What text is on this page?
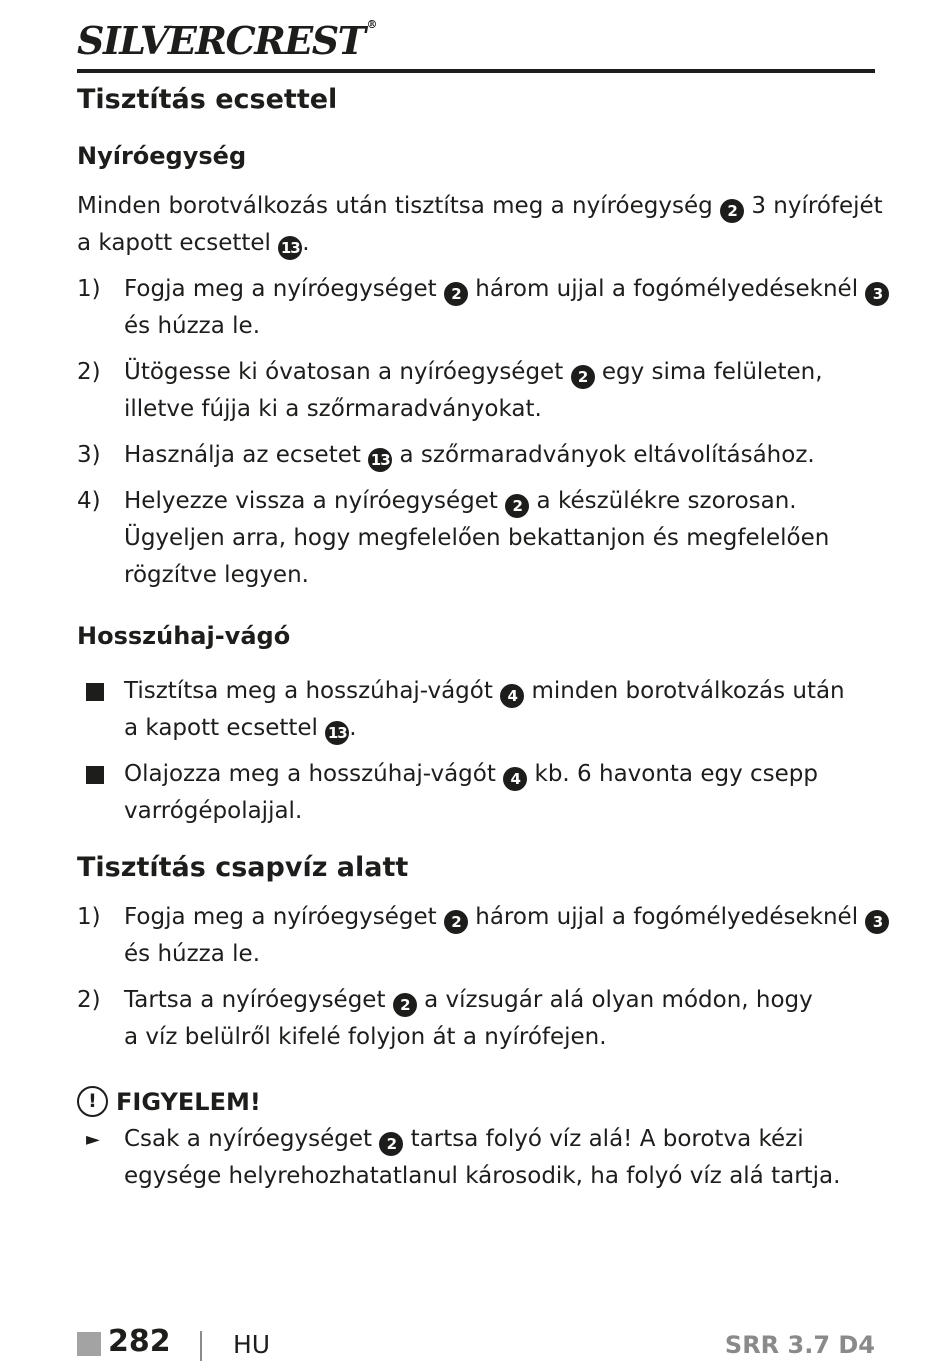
SILVERCREST ®
Tisztítás ecsettel
Nyíróegység
Minden borotválkozás után tisztítsa meg a nyíróegység 2 3 nyírófejét
a kapott ecsettel 13 .
1) Fogja meg a nyíróegységet 2 három ujjal a fogómélyedéseknél 3
és húzza le.
2) Ütögesse ki óvatosan a nyíróegységet 2 egy sima felületen,
illetve fújja ki a szőrmaradványokat.
3) Használja az ecsetet 13 a szőrmaradványok eltávolításához.
4) Helyezze vissza a nyíróegységet 2 a készülékre szorosan.
Ügyeljen arra, hogy megfelelően bekattanjon és megfelelően
rögzítve legyen.
Hosszúhaj-vágó
Tisztítsa meg a hosszúhaj-vágót 4 minden borotválkozás után
a kapott ecsettel 13 .
Olajozza meg a hosszúhaj-vágót 4 kb. 6 havonta egy csepp
varrógépolajjal.
Tisztítás csapvíz alatt
1) Fogja meg a nyíróegységet 2 három ujjal a fogómélyedéseknél 3
és húzza le.
2) Tartsa a nyíróegységet 2 a vízsugár alá olyan módon, hogy
a víz belülről kifelé folyjon át a nyírófejen.
! FIGYELEM!
► Csak a nyíróegységet 2 tartsa folyó víz alá! A borotva kézi
egysége helyrehozhatatlanul károsodik, ha folyó víz alá tartja.
282 HU	SRR 3.7 D4
